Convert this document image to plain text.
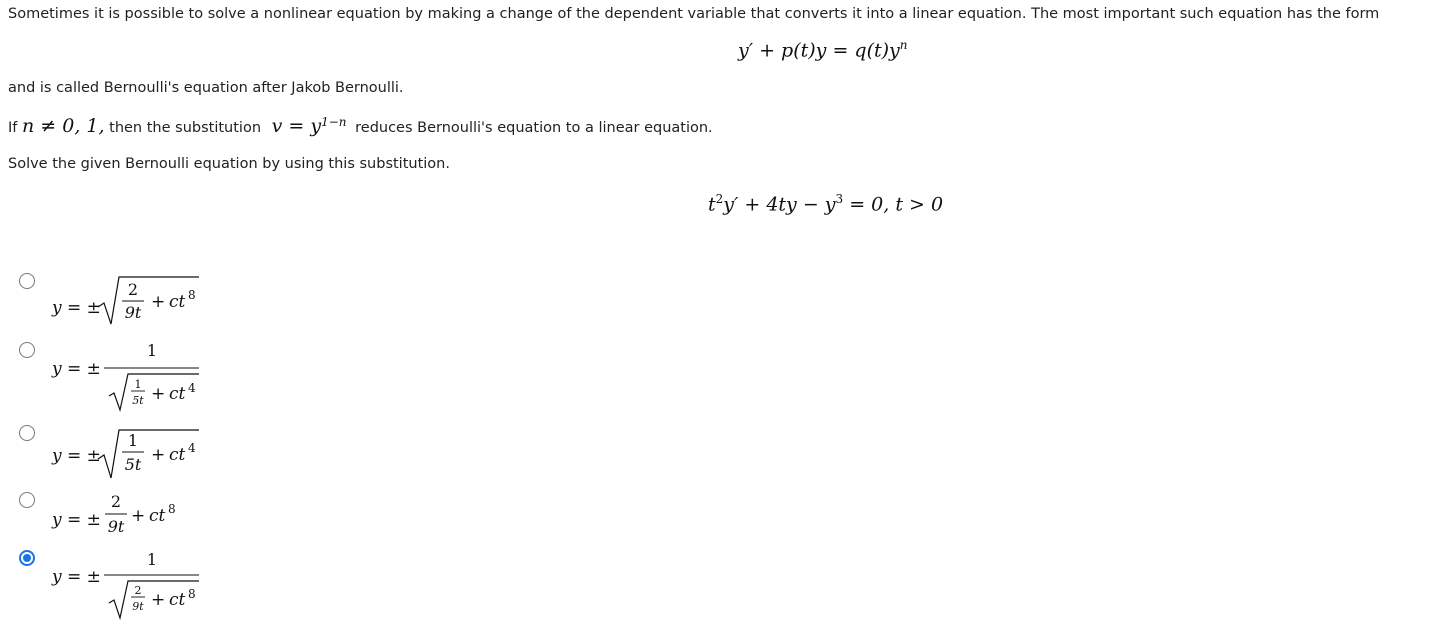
Sometimes it is possible to solve a nonlinear equation by making a change of the dependent variable that converts it into a linear equation. The most important such equation has the form
$y' + p(t)y = q(t)y^n$
and is called Bernoulli's equation after Jakob Bernoulli.
If n ≠ 0, 1, then the substitution $v = y^{1-n}$ reduces Bernoulli's equation to a linear equation.
Solve the given Bernoulli equation by using this substitution.
$t^2y' + 4ty - y^3 = 0$, t > 0
y = ±
2
9t
+ ct 8
y = ±
1
1
5t + ct 4
y = ±
1
5t + ct 4
y = ±
2
9t
+ ct 8
y = ±
1
2
9t + ct 8
